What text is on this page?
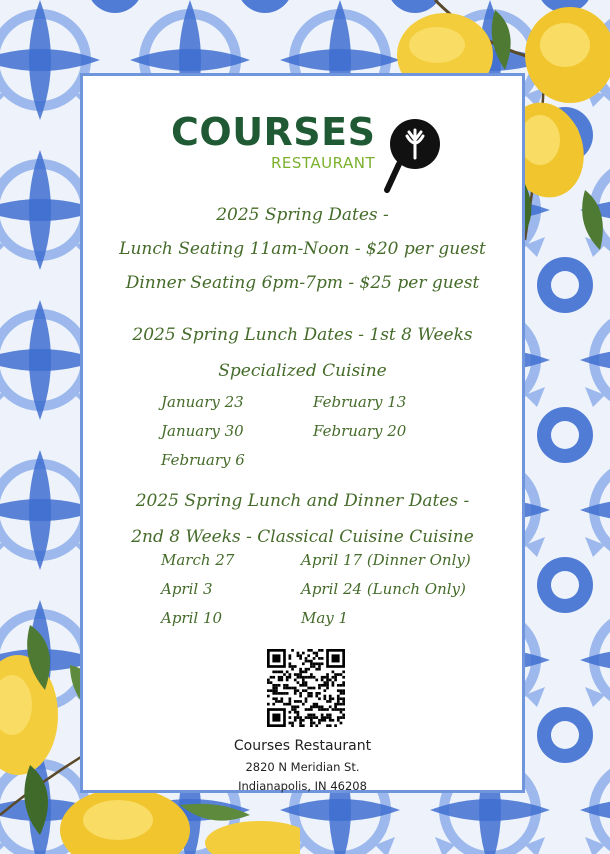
COURSES
RESTAURANT
2025 Spring Dates -
Lunch Seating 11am-Noon - $20 per guest
Dinner Seating 6pm-7pm - $25 per guest
2025 Spring Lunch Dates - 1st 8 Weeks
Specialized Cuisine
January 23
January 30
February 6
February 13
February 20
2025 Spring Lunch and Dinner Dates -
2nd 8 Weeks - Classical Cuisine Cuisine
March 27
April 3
April 10
April 17 (Dinner Only)
April 24 (Lunch Only)
May 1
Courses Restaurant
2820 N Meridian St.
Indianapolis, IN 46208
